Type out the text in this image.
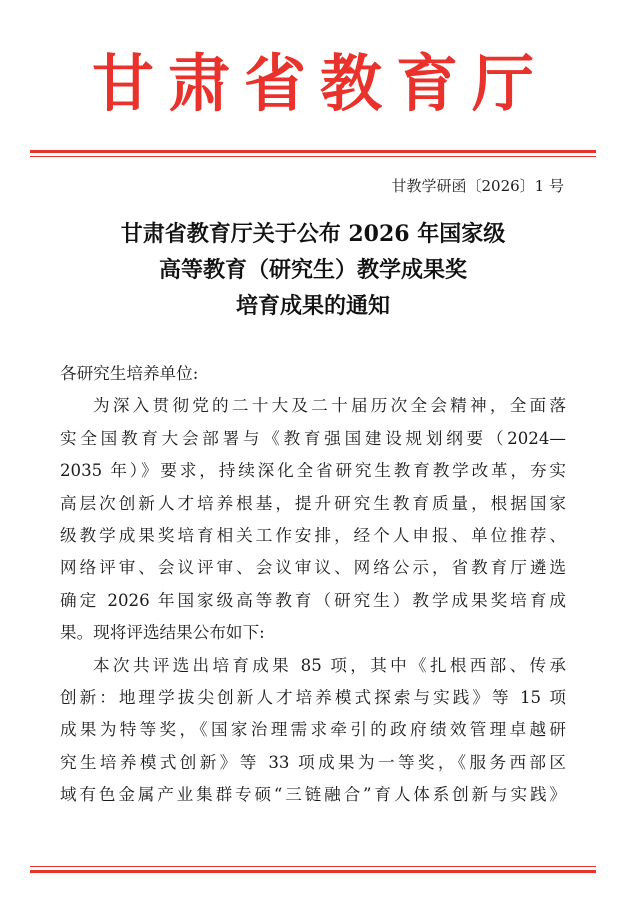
甘肃省教育厅
甘教学研函〔2026〕1 号
甘肃省教育厅关于公布 2026 年国家级
高等教育（研究生）教学成果奖
培育成果的通知
各研究生培养单位:
为深入贯彻党的二十大及二十届历次全会精神，全面落
实全国教育大会部署与《教育强国建设规划纲要（2024—
2035 年）》要求，持续深化全省研究生教育教学改革，夯实
高层次创新人才培养根基，提升研究生教育质量，根据国家
级教学成果奖培育相关工作安排，经个人申报、单位推荐、
网络评审、会议评审、会议审议、网络公示，省教育厅遴选
确定 2026 年国家级高等教育（研究生）教学成果奖培育成
果。现将评选结果公布如下:
本次共评选出培育成果 85 项，其中《扎根西部、传承
创新：地理学拔尖创新人才培养模式探索与实践》等 15 项
成果为特等奖，《国家治理需求牵引的政府绩效管理卓越研
究生培养模式创新》等 33 项成果为一等奖，《服务西部区
域有色金属产业集群专硕“三链融合”育人体系创新与实践》
